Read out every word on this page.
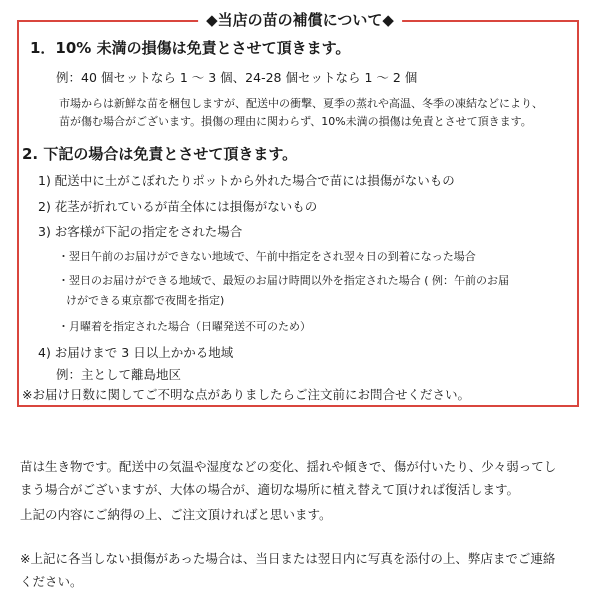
◆当店の苗の補償について◆
1．10% 未満の損傷は免責とさせて頂きます。
例：40 個セットなら 1 ～ 3 個、24-28 個セットなら 1 ～ 2 個
市場からは新鮮な苗を梱包しますが、配送中の衝撃、夏季の蒸れや高温、冬季の凍結などにより、
苗が傷む場合がございます。損傷の理由に関わらず、10%未満の損傷は免責とさせて頂きます。
2. 下記の場合は免責とさせて頂きます。
1) 配送中に土がこぼれたりポットから外れた場合で苗には損傷がないもの
2) 花茎が折れているが苗全体には損傷がないもの
3) お客様が下記の指定をされた場合
・翌日午前のお届けができない地域で、午前中指定をされ翌々日の到着になった場合
・翌日のお届けができる地域で、最短のお届け時間以外を指定された場合 ( 例：午前のお届
けができる東京都で夜間を指定)
・月曜着を指定された場合（日曜発送不可のため）
4) お届けまで 3 日以上かかる地域
例：主として離島地区
※お届け日数に関してご不明な点がありましたらご注文前にお問合せください。
苗は生き物です。配送中の気温や湿度などの変化、揺れや傾きで、傷が付いたり、少々弱ってし
まう場合がございますが、大体の場合が、適切な場所に植え替えて頂ければ復活します。
上記の内容にご納得の上、ご注文頂ければと思います。
※上記に各当しない損傷があった場合は、当日または翌日内に写真を添付の上、弊店までご連絡
ください。
